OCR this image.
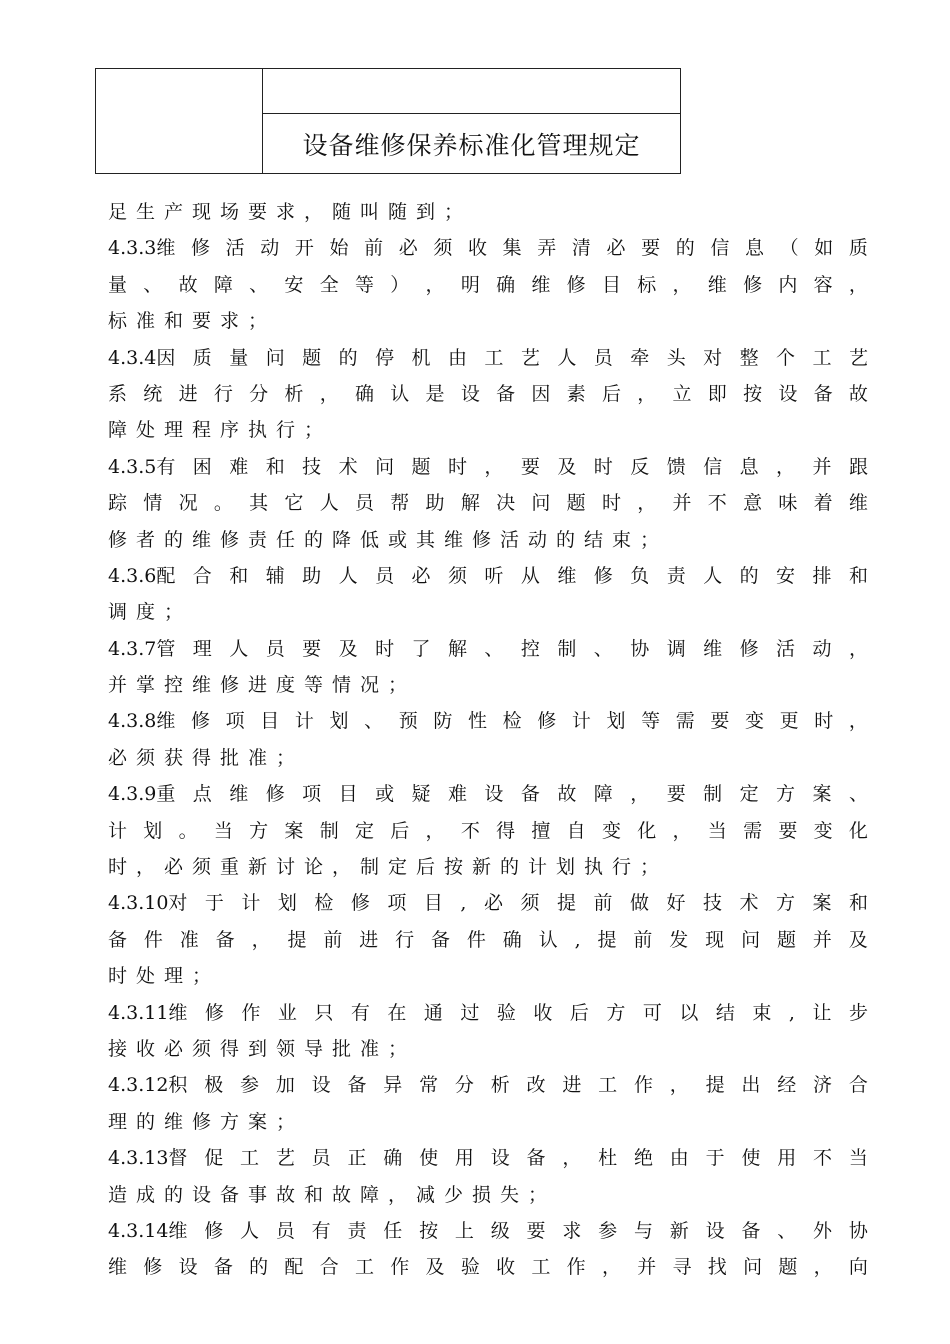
设备维修保养标准化管理规定
足生产现场要求，随叫随到；
4.3.3维 修 活 动 开 始 前 必 须 收 集 弄 清 必 要 的 信 息 （ 如 质
量 、 故 障 、 安 全 等 ） ， 明 确 维 修 目 标 ， 维 修 内 容 ，
标准和要求；
4.3.4因 质 量 问 题 的 停 机 由 工 艺 人 员 牵 头 对 整 个 工 艺
系 统 进 行 分 析 ， 确 认 是 设 备 因 素 后 ， 立 即 按 设 备 故
障处理程序执行；
4.3.5有 困 难 和 技 术 问 题 时 ， 要 及 时 反 馈 信 息 ， 并 跟
踪 情 况 。 其 它 人 员 帮 助 解 决 问 题 时 ， 并 不 意 味 着 维
修者的维修责任的降低或其维修活动的结束；
4.3.6配 合 和 辅 助 人 员 必 须 听 从 维 修 负 责 人 的 安 排 和
调度；
4.3.7管 理 人 员 要 及 时 了 解 、 控 制 、 协 调 维 修 活 动 ，
并掌控维修进度等情况；
4.3.8维 修 项 目 计 划 、 预 防 性 检 修 计 划 等 需 要 变 更 时 ，
必须获得批准；
4.3.9重 点 维 修 项 目 或 疑 难 设 备 故 障 ， 要 制 定 方 案 、
计 划 。 当 方 案 制 定 后 ， 不 得 擅 自 变 化 ， 当 需 要 变 化
时，必须重新讨论，制定后按新的计划执行；
4.3.10对 于 计 划 检 修 项 目 , 必 须 提 前 做 好 技 术 方 案 和
备 件 准 备 ， 提 前 进 行 备 件 确 认 , 提 前 发 现 问 题 并 及
时处理；
4.3.11维 修 作 业 只 有 在 通 过 验 收 后 方 可 以 结 束 , 让 步
接收必须得到领导批准；
4.3.12积 极 参 加 设 备 异 常 分 析 改 进 工 作 ， 提 出 经 济 合
理的维修方案；
4.3.13督 促 工 艺 员 正 确 使 用 设 备 ， 杜 绝 由 于 使 用 不 当
造成的设备事故和故障，减少损失；
4.3.14维 修 人 员 有 责 任 按 上 级 要 求 参 与 新 设 备 、 外 协
维 修 设 备 的 配 合 工 作 及 验 收 工 作 ， 并 寻 找 问 题 ， 向
